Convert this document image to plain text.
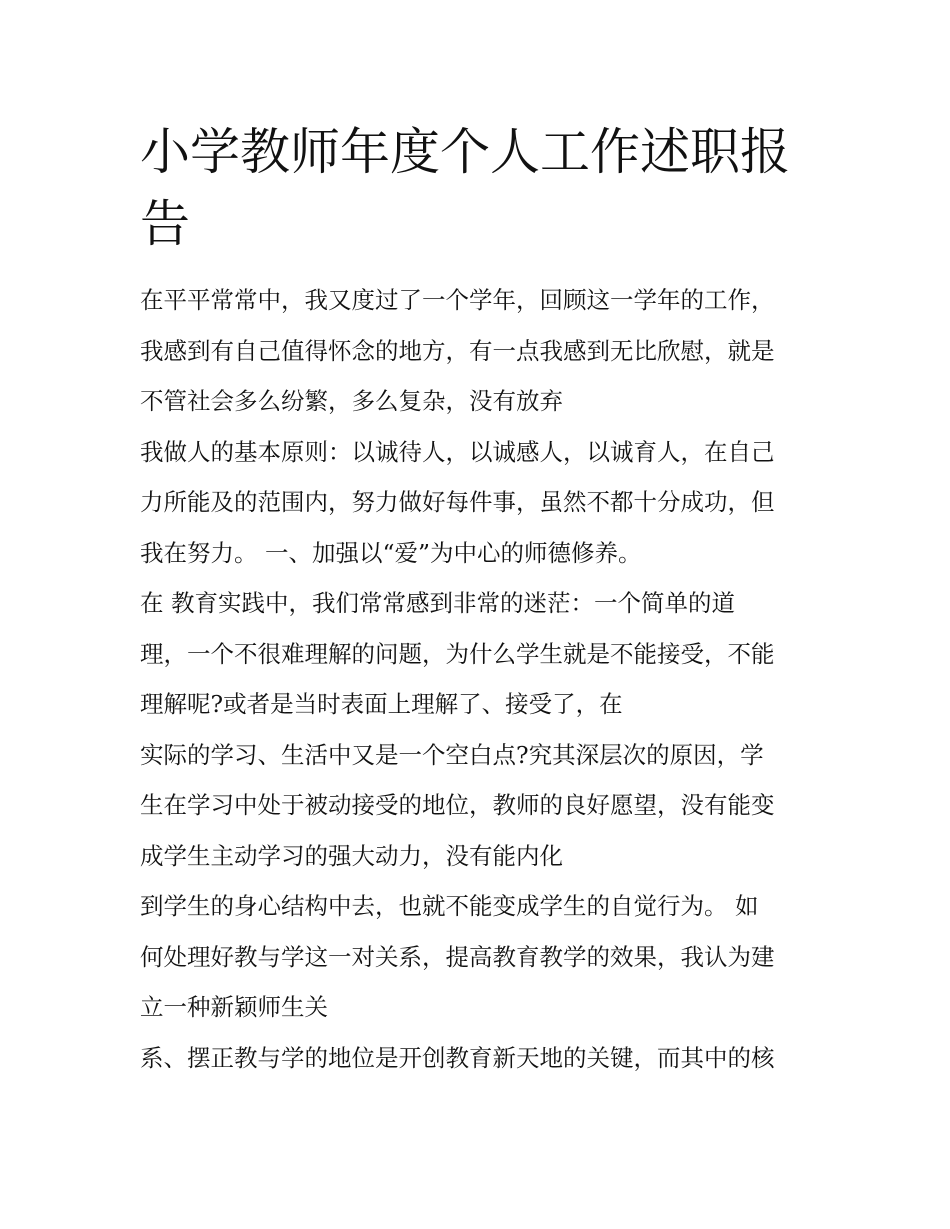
小学教师年度个人工作述职报
告
在平平常常中，我又度过了一个学年，回顾这一学年的工作，
我感到有自己值得怀念的地方，有一点我感到无比欣慰，就是
不管社会多么纷繁，多么复杂，没有放弃
我做人的基本原则：以诚待人，以诚感人，以诚育人，在自己
力所能及的范围内，努力做好每件事，虽然不都十分成功，但
我在努力。 一、加强以“爱”为中心的师德修养。
在 教育实践中，我们常常感到非常的迷茫：一个简单的道
理，一个不很难理解的问题，为什么学生就是不能接受，不能
理解呢?或者是当时表面上理解了、接受了，在
实际的学习、生活中又是一个空白点?究其深层次的原因，学
生在学习中处于被动接受的地位，教师的良好愿望，没有能变
成学生主动学习的强大动力，没有能内化
到学生的身心结构中去，也就不能变成学生的自觉行为。 如
何处理好教与学这一对关系，提高教育教学的效果，我认为建
立一种新颖师生关
系、摆正教与学的地位是开创教育新天地的关键，而其中的核
